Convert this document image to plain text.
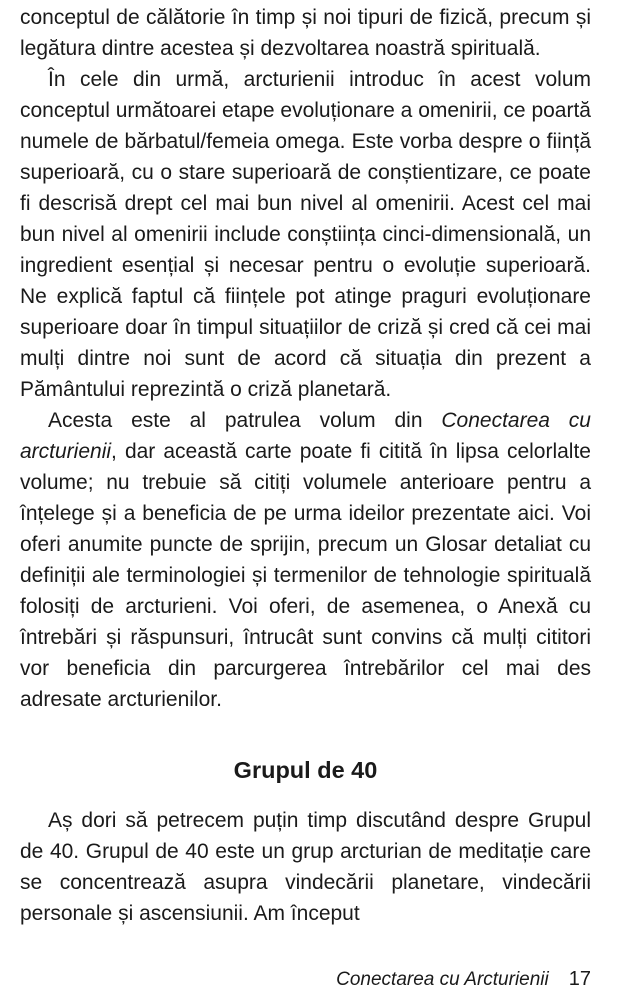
conceptul de călătorie în timp și noi tipuri de fizică, precum și legătura dintre acestea și dezvoltarea noastră spirituală.

În cele din urmă, arcturienii introduc în acest volum conceptul următoarei etape evoluționare a omenirii, ce poartă numele de bărbatul/femeia omega. Este vorba despre o ființă superioară, cu o stare superioară de conștientizare, ce poate fi descrisă drept cel mai bun nivel al omenirii. Acest cel mai bun nivel al omenirii include conștiința cinci-dimensională, un ingredient esențial și necesar pentru o evoluție superioară. Ne explică faptul că ființele pot atinge praguri evoluționare superioare doar în timpul situațiilor de criză și cred că cei mai mulți dintre noi sunt de acord că situația din prezent a Pământului reprezintă o criză planetară.

Acesta este al patrulea volum din Conectarea cu arcturienii, dar această carte poate fi citită în lipsa celorlalte volume; nu trebuie să citiți volumele anterioare pentru a înțelege și a beneficia de pe urma ideilor prezentate aici. Voi oferi anumite puncte de sprijin, precum un Glosar detaliat cu definiții ale terminologiei și termenilor de tehnologie spirituală folosiți de arcturieni. Voi oferi, de asemenea, o Anexă cu întrebări și răspunsuri, întrucât sunt convins că mulți cititori vor beneficia din parcurgerea întrebărilor cel mai des adresate arcturienilor.

Grupul de 40

Aș dori să petrecem puțin timp discutând despre Grupul de 40. Grupul de 40 este un grup arcturian de meditație care se concentrează asupra vindecării planetare, vindecării personale și ascensiunii. Am început

Conectarea cu Arcturienii 17
